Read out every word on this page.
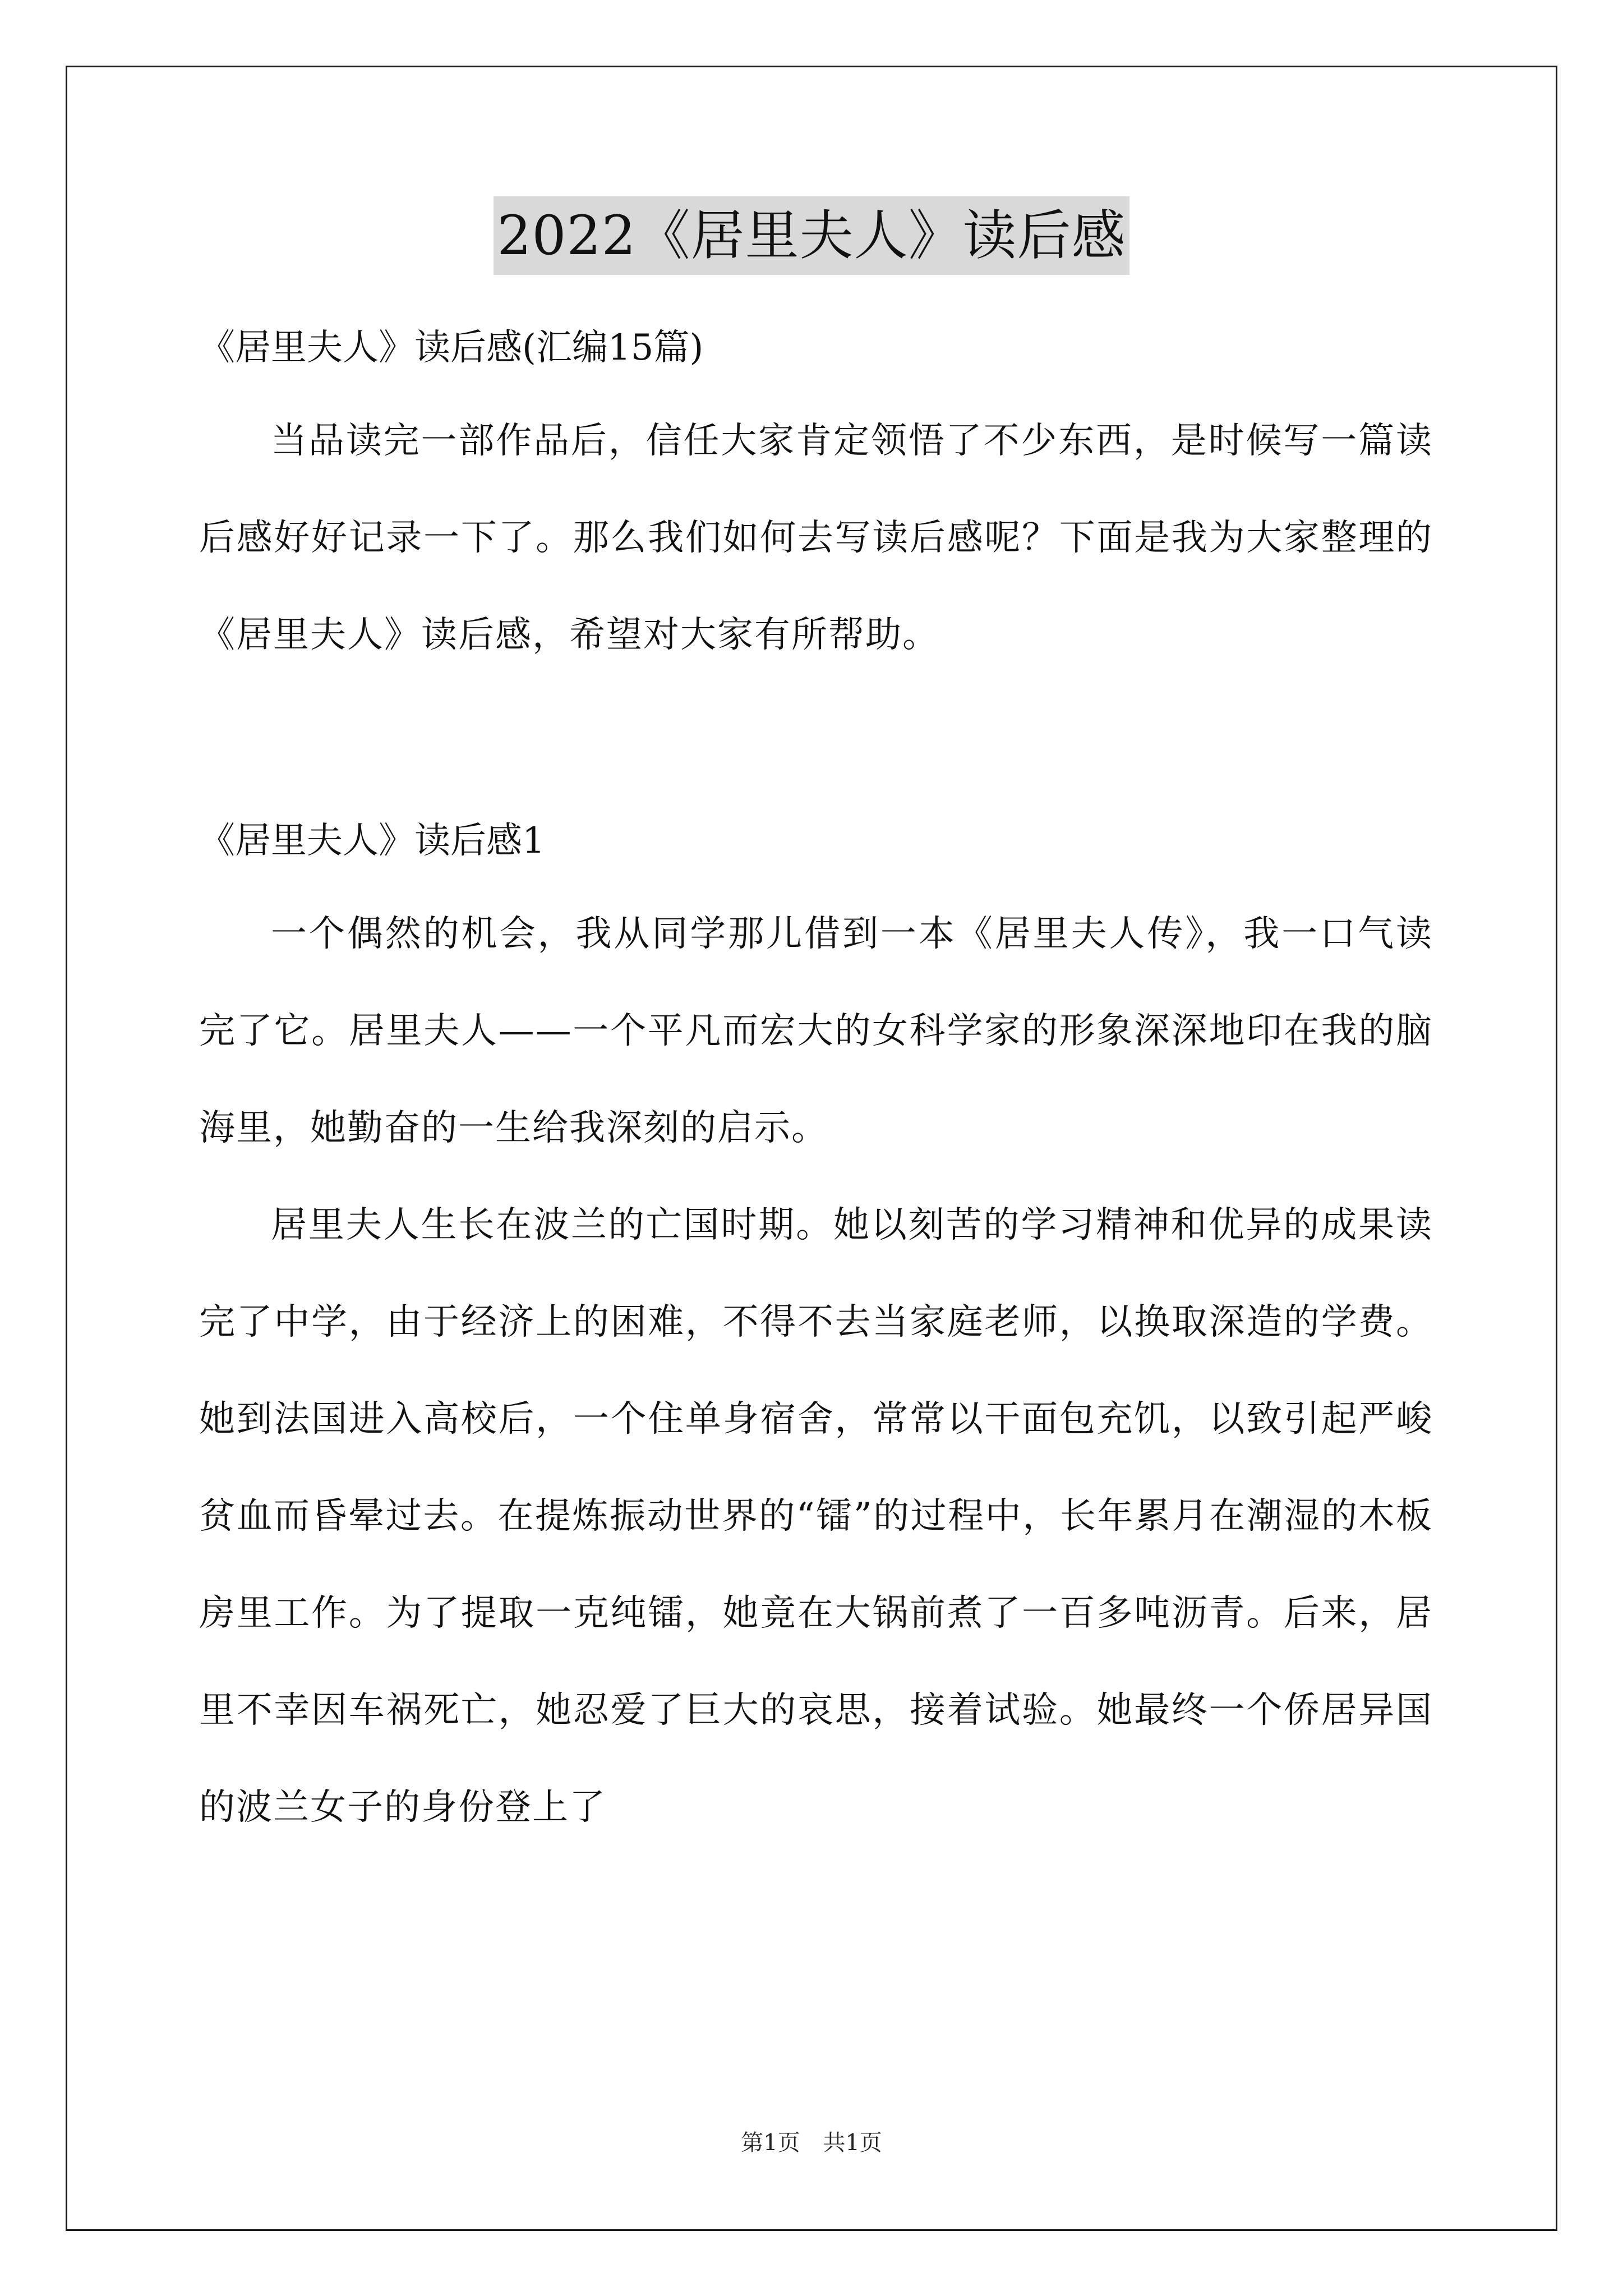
2022《居里夫人》读后感

《居里夫人》读后感(汇编15篇)

当品读完一部作品后，信任大家肯定领悟了不少东西，是时候写一篇读后感好好记录一下了。那么我们如何去写读后感呢？下面是我为大家整理的《居里夫人》读后感，希望对大家有所帮助。

《居里夫人》读后感1

一个偶然的机会，我从同学那儿借到一本《居里夫人传》，我一口气读完了它。居里夫人——一个平凡而宏大的女科学家的形象深深地印在我的脑海里，她勤奋的一生给我深刻的启示。

居里夫人生长在波兰的亡国时期。她以刻苦的学习精神和优异的成果读完了中学，由于经济上的困难，不得不去当家庭老师，以换取深造的学费。她到法国进入高校后，一个住单身宿舍，常常以干面包充饥，以致引起严峻贫血而昏晕过去。在提炼振动世界的“镭”的过程中，长年累月在潮湿的木板房里工作。为了提取一克纯镭，她竟在大锅前煮了一百多吨沥青。后来，居里不幸因车祸死亡，她忍爱了巨大的哀思，接着试验。她最终一个侨居异国的波兰女子的身份登上了

第1页 共1页
